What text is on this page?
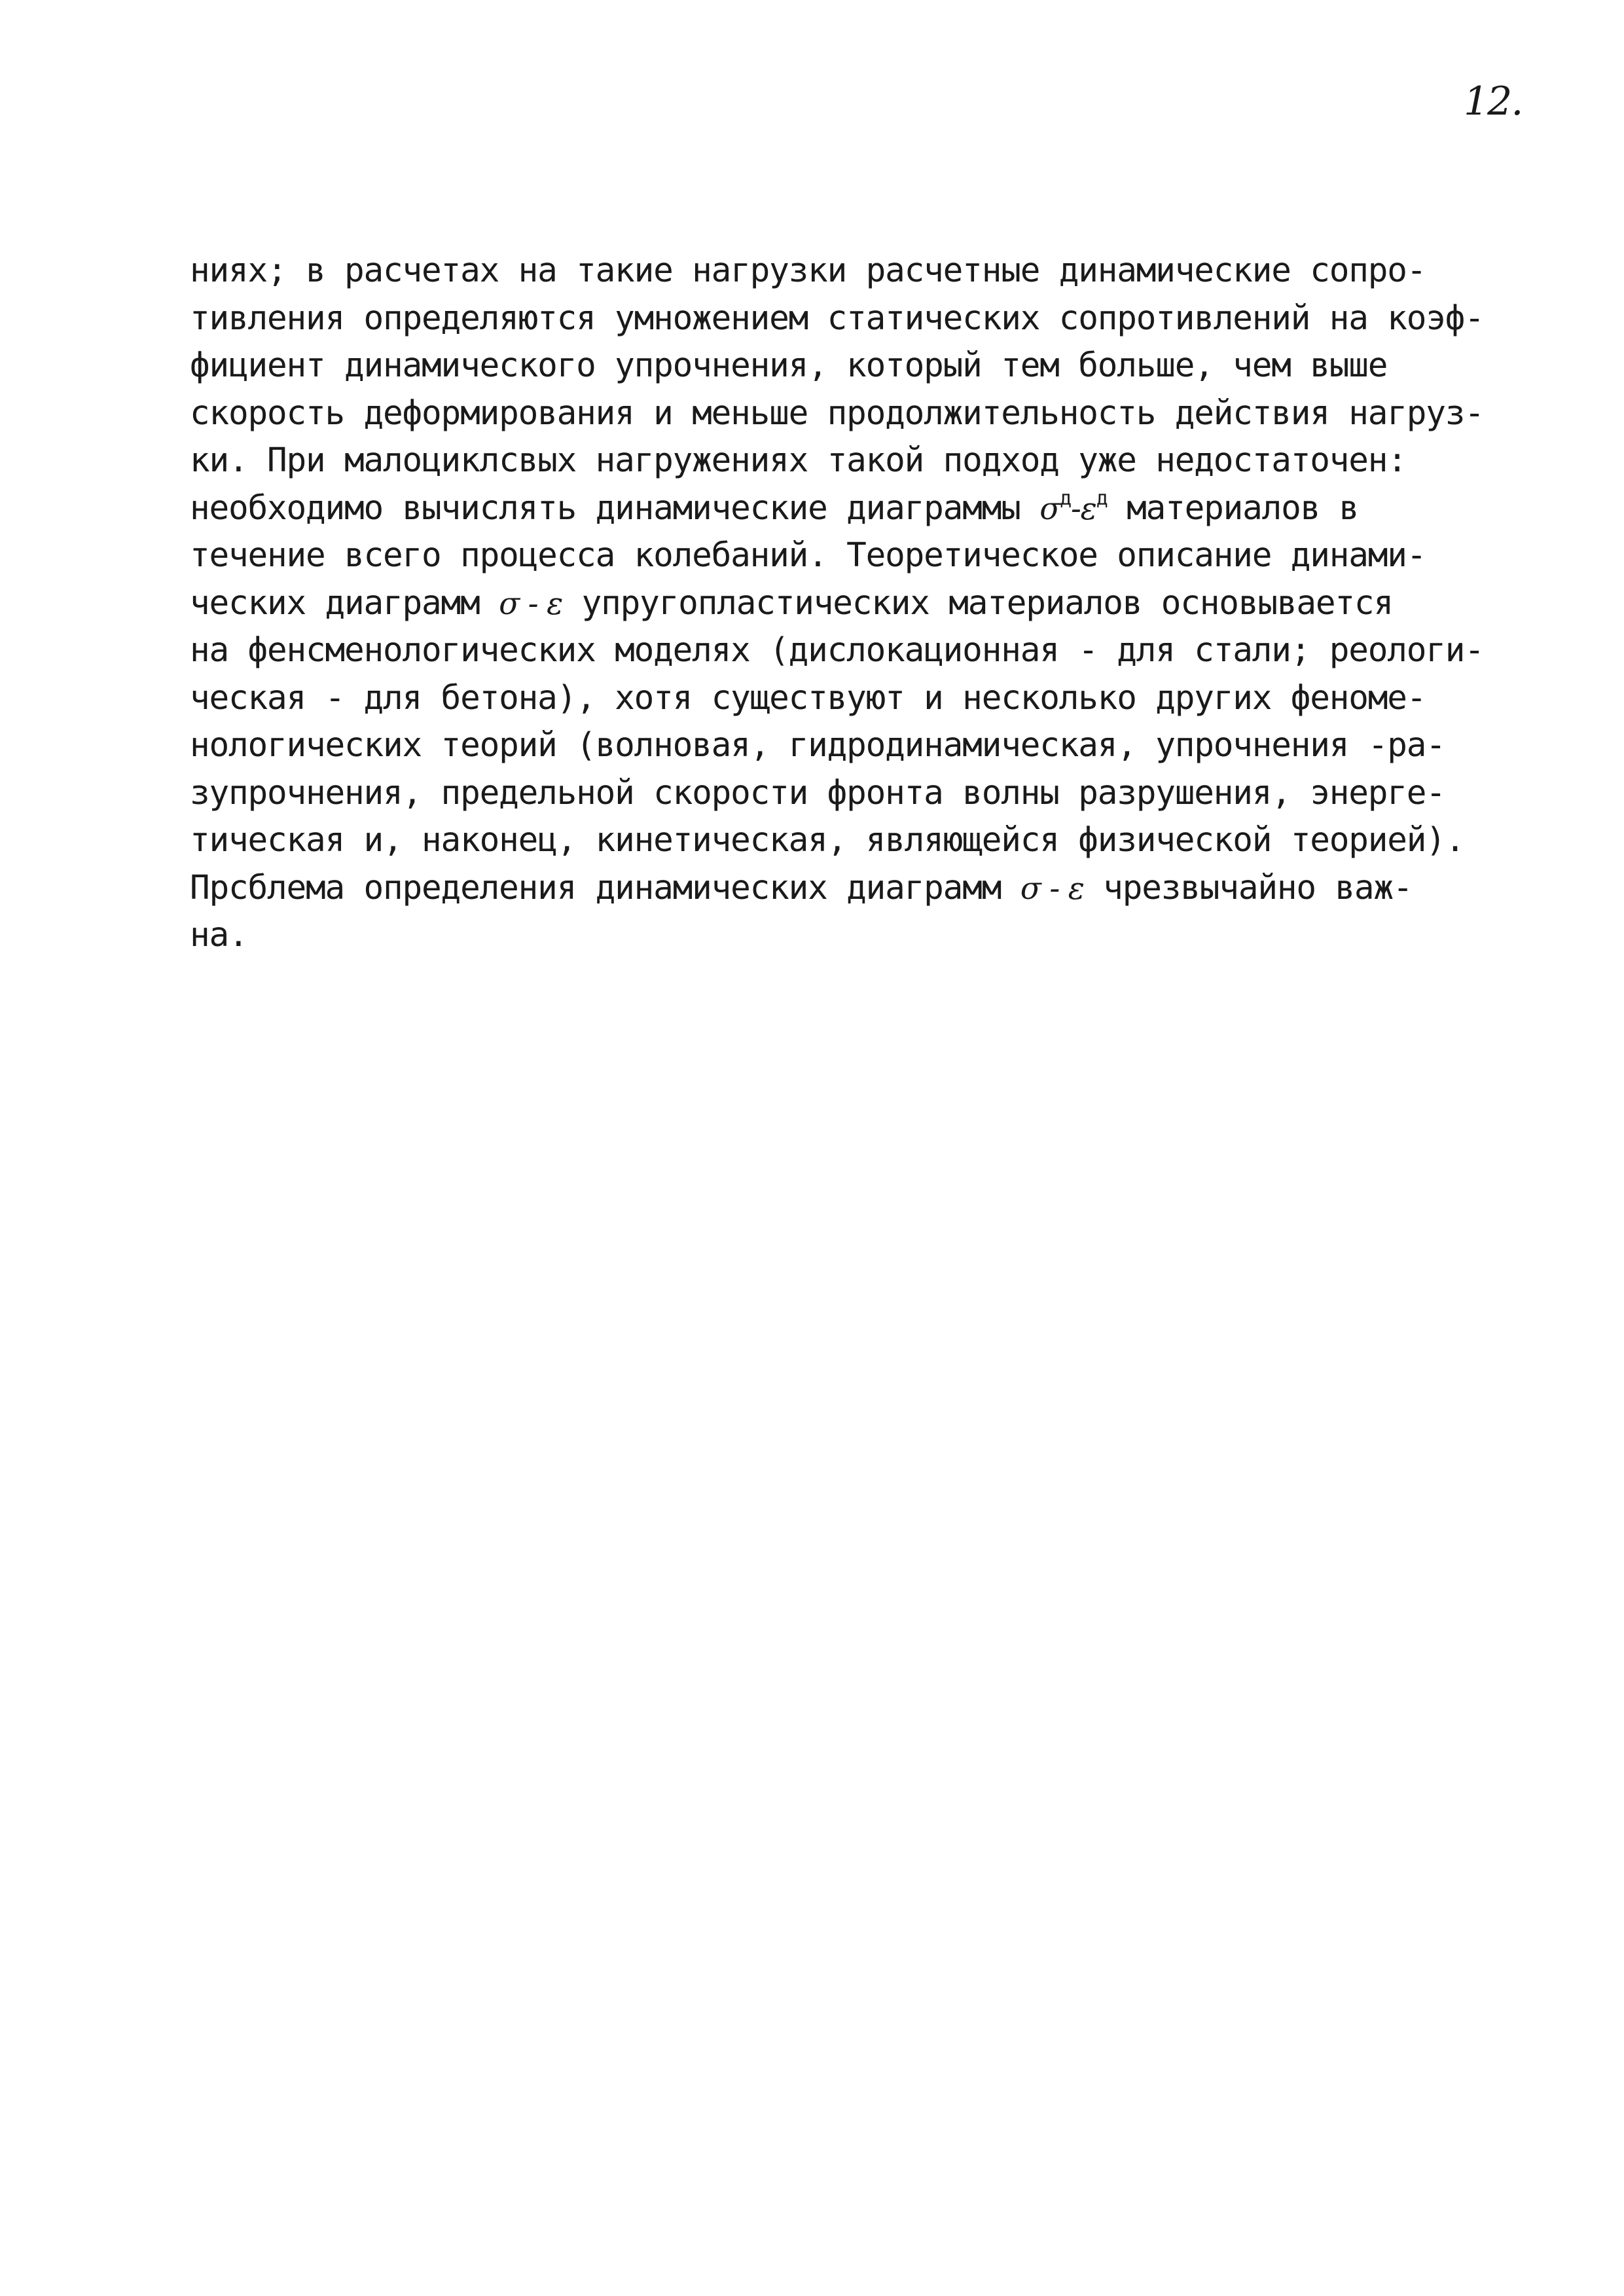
12.
ниях; в расчетах на такие нагрузки расчетные динамические сопро-
тивления определяются умножением статических сопротивлений на коэф-
фициент динамического упрочнения, который тем больше, чем выше
скорость деформирования и меньше продолжительность действия нагруз-
ки. При малоциклсвых нагружениях такой подход уже недостаточен:
необходимо вычислять динамические диаграммы $\sigma^д-\varepsilon^д$ материалов в
течение всего процесса колебаний. Теоретическое описание динами-
ческих диаграмм σ - ε упругопластических материалов основывается
на фенсменологических моделях (дислокационная - для стали; реологи-
ческая - для бетона), хотя существуют и несколько других феноме-
нологических теорий (волновая, гидродинамическая, упрочнения -ра-
зупрочнения, предельной скорости фронта волны разрушения, энерге-
тическая и, наконец, кинетическая, являющейся физической теорией).
Прсблема определения динамических диаграмм σ - ε чрезвычайно важ-
на.
